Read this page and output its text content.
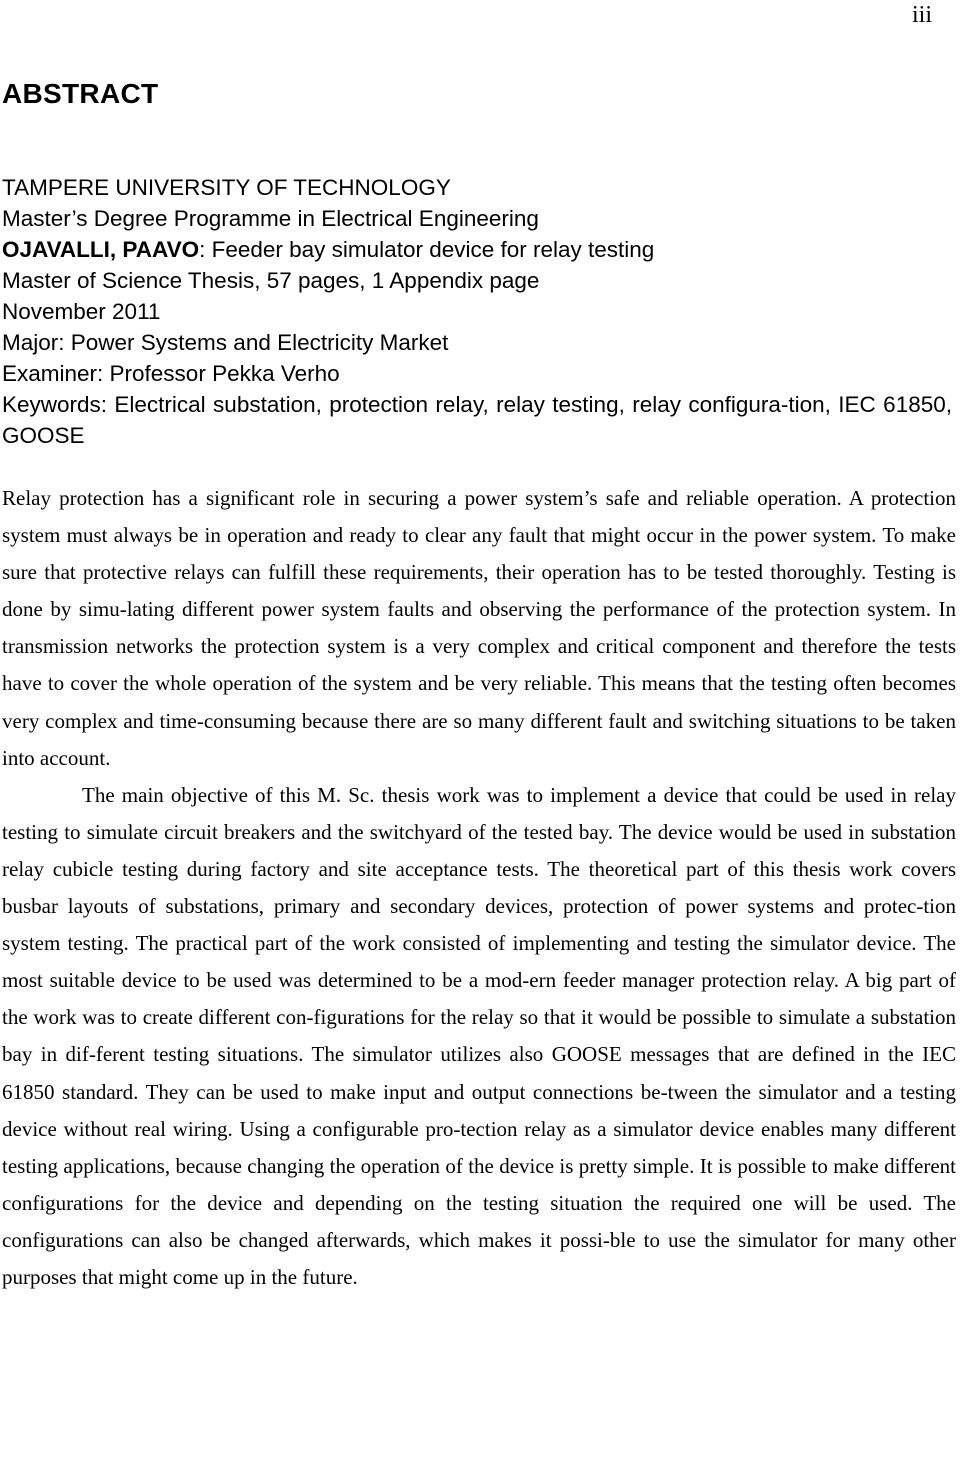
iii
ABSTRACT
TAMPERE UNIVERSITY OF TECHNOLOGY
Master’s Degree Programme in Electrical Engineering
OJAVALLI, PAAVO: Feeder bay simulator device for relay testing
Master of Science Thesis, 57 pages, 1 Appendix page
November 2011
Major: Power Systems and Electricity Market
Examiner: Professor Pekka Verho
Keywords: Electrical substation, protection relay, relay testing, relay configura-tion, IEC 61850, GOOSE

Relay protection has a significant role in securing a power system’s safe and reliable operation. A protection system must always be in operation and ready to clear any fault that might occur in the power system. To make sure that protective relays can fulfill these requirements, their operation has to be tested thoroughly. Testing is done by simu-lating different power system faults and observing the performance of the protection system. In transmission networks the protection system is a very complex and critical component and therefore the tests have to cover the whole operation of the system and be very reliable. This means that the testing often becomes very complex and time-consuming because there are so many different fault and switching situations to be taken into account.

The main objective of this M. Sc. thesis work was to implement a device that could be used in relay testing to simulate circuit breakers and the switchyard of the tested bay. The device would be used in substation relay cubicle testing during factory and site acceptance tests. The theoretical part of this thesis work covers busbar layouts of substations, primary and secondary devices, protection of power systems and protec-tion system testing. The practical part of the work consisted of implementing and testing the simulator device. The most suitable device to be used was determined to be a mod-ern feeder manager protection relay. A big part of the work was to create different con-figurations for the relay so that it would be possible to simulate a substation bay in dif-ferent testing situations. The simulator utilizes also GOOSE messages that are defined in the IEC 61850 standard. They can be used to make input and output connections be-tween the simulator and a testing device without real wiring. Using a configurable pro-tection relay as a simulator device enables many different testing applications, because changing the operation of the device is pretty simple. It is possible to make different configurations for the device and depending on the testing situation the required one will be used. The configurations can also be changed afterwards, which makes it possi-ble to use the simulator for many other purposes that might come up in the future.
